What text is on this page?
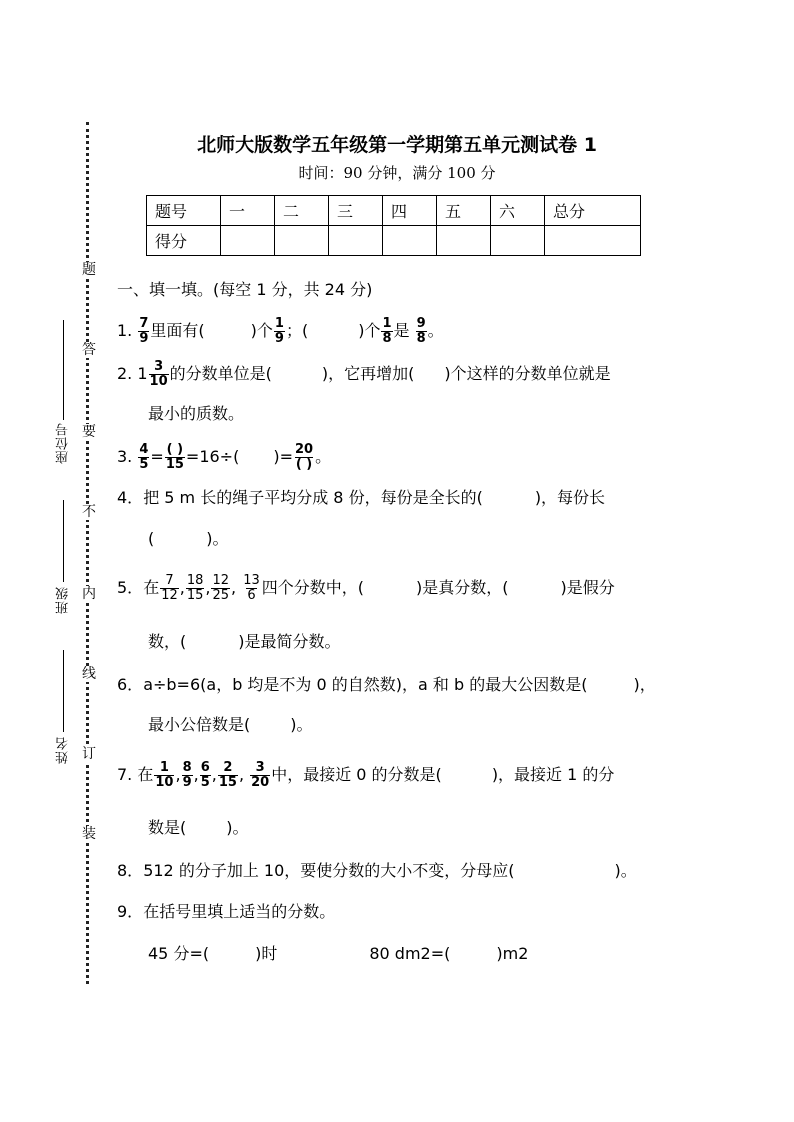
题
答
要
不
内
线
订
装
座位号
班级
姓名
北师大版数学五年级第一学期第五单元测试卷 1
时间：90 分钟，满分 100 分
题号	一	二	三	四	五	六	总分
得分							
一、填一填。(每空 1 分，共 24 分)
1. $\frac{7}{9}$ 里面有(	)个 $\frac{1}{9}$ ；(	)个 $\frac{1}{8}$ 是 $\frac{9}{8}$ 。
2. $1 \frac{3}{10}$ 的分数单位是(	)，它再增加( )个这样的分数单位就是
最小的质数。
3. $\frac{4}{5} = \frac{( )}{15} =16\div$( )= $\frac{20}{( )}$ 。
4．把 5 m 长的绳子平均分成 8 份，每份是全长的(	)，每份长
(	)。
5．在 $\frac{7}{12}$ , $\frac{18}{15}$ , $\frac{12}{25}$ , $\frac{13}{6}$ 四个分数中，(	)是真分数，(	)是假分
数，(	)是最简分数。
6．a÷b=6(a，b 均是不为 0 的自然数)，a 和 b 的最大公因数是(	)，
最小公倍数是(	)。
7. 在 $\frac{1}{10}$ , $\frac{8}{9}$ , $\frac{6}{5}$ , $\frac{2}{15}$ , $\frac{3}{20}$ 中，最接近 0 的分数是(	)，最接近 1 的分
数是(	)。
8．512 的分子加上 10，要使分数的大小不变，分母应(	)。
9．在括号里填上适当的分数。
45 分=(	)时	80 dm2=(	)m2
